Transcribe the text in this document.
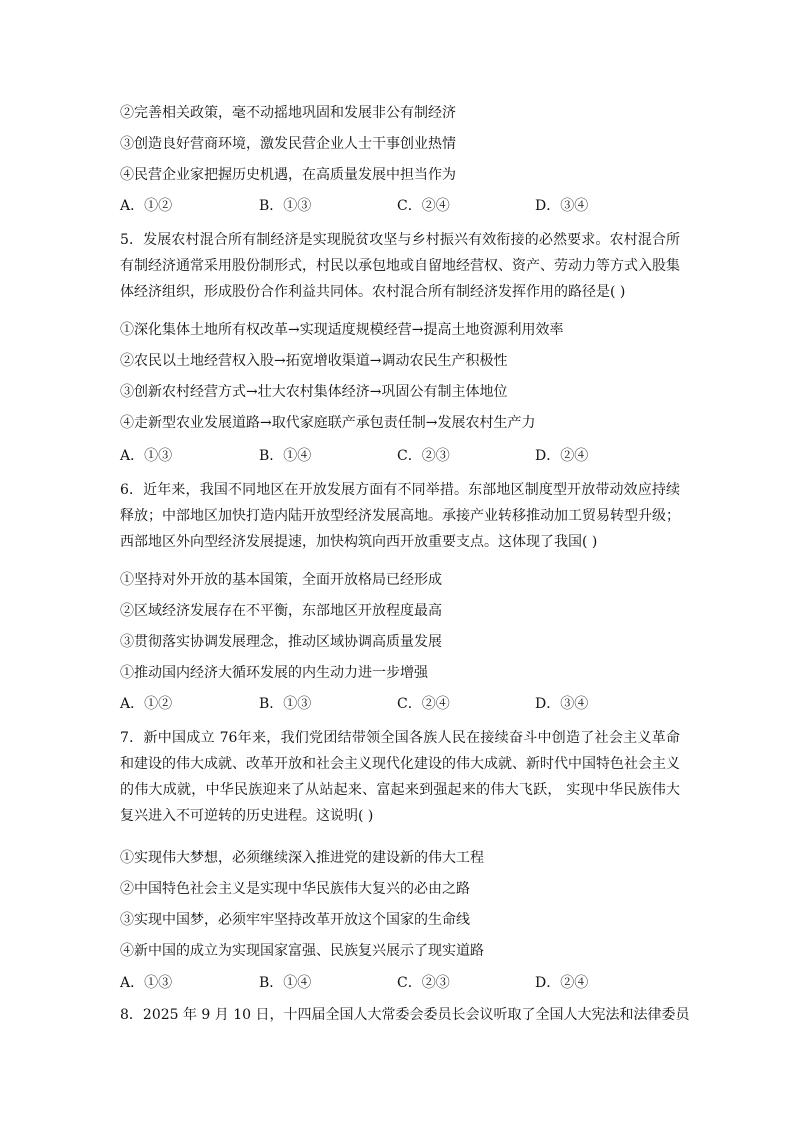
②完善相关政策，毫不动摇地巩固和发展非公有制经济
③创造良好营商环境，激发民营企业人士干事创业热情
④民营企业家把握历史机遇，在高质量发展中担当作为
A．①②	B．①③	C．②④	D．③④
5．发展农村混合所有制经济是实现脱贫攻坚与乡村振兴有效衔接的必然要求。农村混合所有制经济通常采用股份制形式，村民以承包地或自留地经营权、资产、劳动力等方式入股集体经济组织，形成股份合作利益共同体。农村混合所有制经济发挥作用的路径是( )
①深化集体土地所有权改革→实现适度规模经营→提高土地资源利用效率
②农民以土地经营权入股→拓宽增收渠道→调动农民生产积极性
③创新农村经营方式→壮大农村集体经济→巩固公有制主体地位
④走新型农业发展道路→取代家庭联产承包责任制→发展农村生产力
A．①③	B．①④	C．②③	D．②④
6．近年来，我国不同地区在开放发展方面有不同举措。东部地区制度型开放带动效应持续释放；中部地区加快打造内陆开放型经济发展高地。承接产业转移推动加工贸易转型升级；西部地区外向型经济发展提速，加快构筑向西开放重要支点。这体现了我国( )
①坚持对外开放的基本国策，全面开放格局已经形成
②区域经济发展存在不平衡，东部地区开放程度最高
③贯彻落实协调发展理念，推动区域协调高质量发展
①推动国内经济大循环发展的内生动力进一步增强
A．①②	B．①③	C．②④	D．③④
7．新中国成立 76年来，我们党团结带领全国各族人民在接续奋斗中创造了社会主义革命和建设的伟大成就、改革开放和社会主义现代化建设的伟大成就、新时代中国特色社会主义的伟大成就，中华民族迎来了从站起来、富起来到强起来的伟大飞跃， 实现中华民族伟大复兴进入不可逆转的历史进程。这说明( )
①实现伟大梦想，必须继续深入推进党的建设新的伟大工程
②中国特色社会主义是实现中华民族伟大复兴的必由之路
③实现中国梦，必须牢牢坚持改革开放这个国家的生命线
④新中国的成立为实现国家富强、民族复兴展示了现实道路
A．①③	B．①④	C．②③	D．②④
8．2025 年 9 月 10 日，十四届全国人大常委会委员长会议听取了全国人大宪法和法律委员
